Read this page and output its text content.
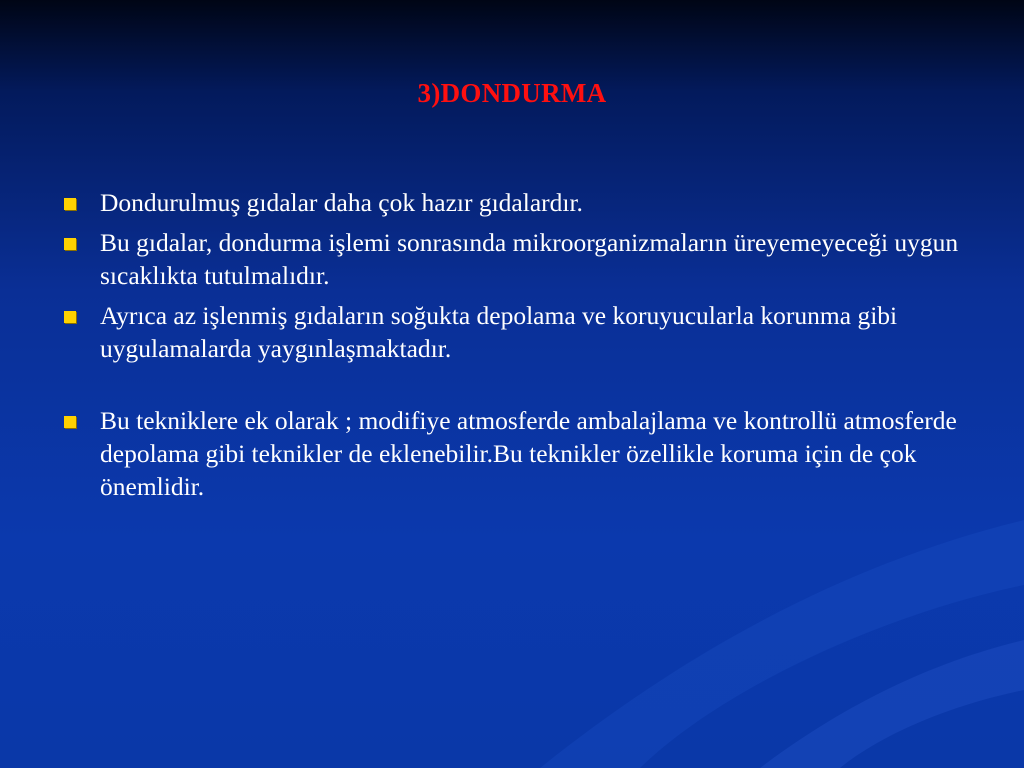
3)DONDURMA
Dondurulmuş gıdalar daha çok hazır gıdalardır.
Bu gıdalar, dondurma işlemi sonrasında mikroorganizmaların üreyemeyeceği uygun sıcaklıkta tutulmalıdır.
Ayrıca az işlenmiş gıdaların soğukta depolama ve koruyucularla korunma gibi uygulamalarda yaygınlaşmaktadır.
Bu tekniklere ek olarak ; modifiye atmosferde ambalajlama ve kontrollü atmosferde depolama gibi teknikler de eklenebilir.Bu teknikler özellikle koruma için de çok önemlidir.
